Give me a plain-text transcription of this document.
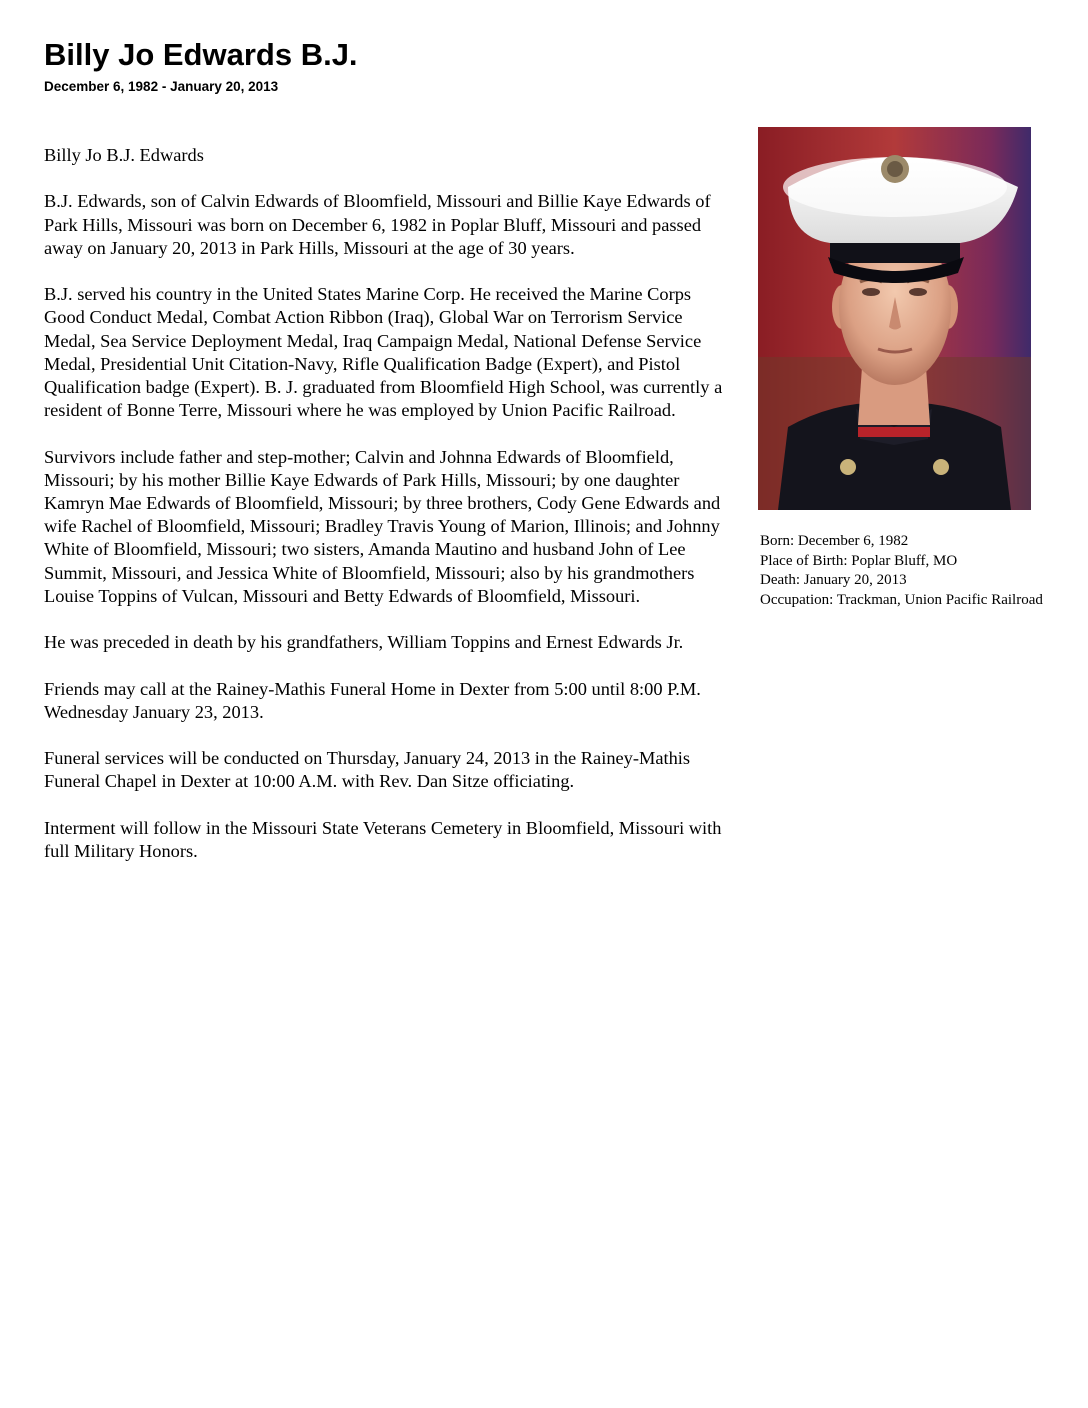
Billy Jo Edwards B.J.
December 6, 1982 - January 20, 2013

Billy Jo B.J. Edwards

B.J. Edwards, son of Calvin Edwards of Bloomfield, Missouri and Billie Kaye Edwards of Park Hills, Missouri was born on December 6, 1982 in Poplar Bluff, Missouri and passed away on January 20, 2013 in Park Hills, Missouri at the age of 30 years.

B.J. served his country in the United States Marine Corp. He received the Marine Corps Good Conduct Medal, Combat Action Ribbon (Iraq), Global War on Terrorism Service Medal, Sea Service Deployment Medal, Iraq Campaign Medal, National Defense Service Medal, Presidential Unit Citation-Navy, Rifle Qualification Badge (Expert), and Pistol Qualification badge (Expert). B. J. graduated from Bloomfield High School, was currently a resident of Bonne Terre, Missouri where he was employed by Union Pacific Railroad.

Survivors include father and step-mother; Calvin and Johnna Edwards of Bloomfield, Missouri; by his mother Billie Kaye Edwards of Park Hills, Missouri; by one daughter Kamryn Mae Edwards of Bloomfield, Missouri; by three brothers, Cody Gene Edwards and wife Rachel of Bloomfield, Missouri; Bradley Travis Young of Marion, Illinois; and Johnny White of Bloomfield, Missouri; two sisters, Amanda Mautino and husband John of Lee Summit, Missouri, and Jessica White of Bloomfield, Missouri; also by his grandmothers Louise Toppins of Vulcan, Missouri and Betty Edwards of Bloomfield, Missouri.

He was preceded in death by his grandfathers, William Toppins and Ernest Edwards Jr.

Friends may call at the Rainey-Mathis Funeral Home in Dexter from 5:00 until 8:00 P.M. Wednesday January 23, 2013.

Funeral services will be conducted on Thursday, January 24, 2013 in the Rainey-Mathis Funeral Chapel in Dexter at 10:00 A.M. with Rev. Dan Sitze officiating.

Interment will follow in the Missouri State Veterans Cemetery in Bloomfield, Missouri with full Military Honors.

Born: December 6, 1982
Place of Birth: Poplar Bluff, MO
Death: January 20, 2013
Occupation: Trackman, Union Pacific Railroad
